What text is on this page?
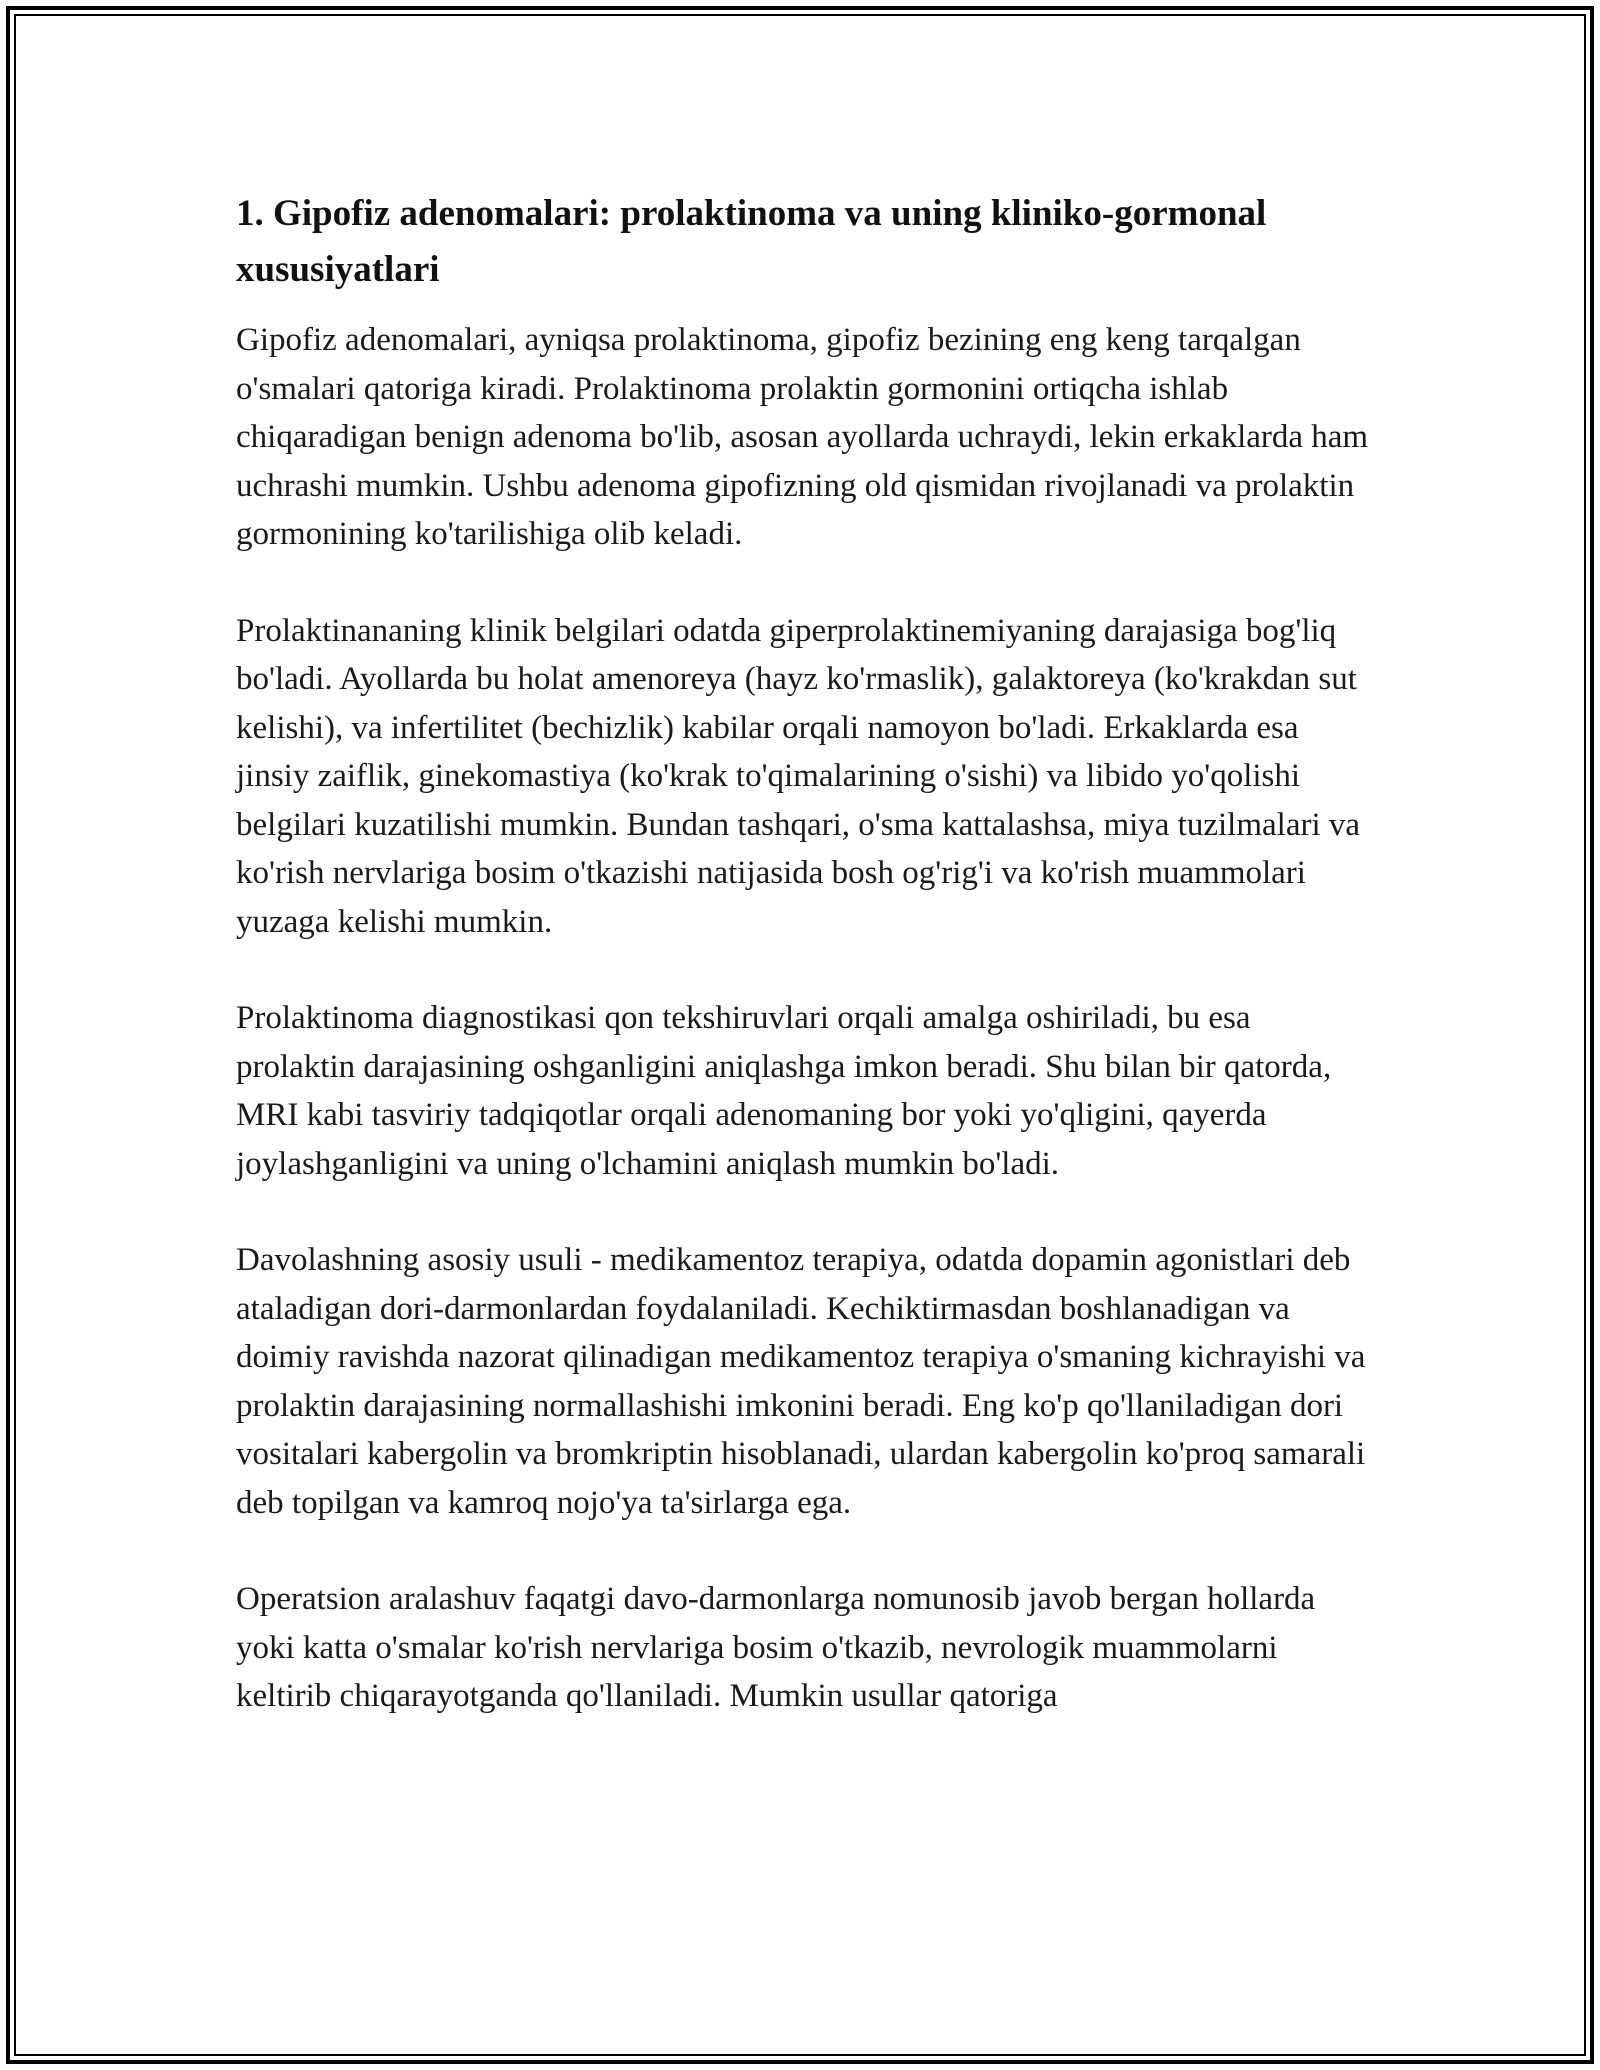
1. Gipofiz adenomalari: prolaktinoma va uning kliniko-gormonal xususiyatlari

Gipofiz adenomalari, ayniqsa prolaktinoma, gipofiz bezining eng keng tarqalgan o'smalari qatoriga kiradi. Prolaktinoma prolaktin gormonini ortiqcha ishlab chiqaradigan benign adenoma bo'lib, asosan ayollarda uchraydi, lekin erkaklarda ham uchrashi mumkin. Ushbu adenoma gipofizning old qismidan rivojlanadi va prolaktin gormonining ko'tarilishiga olib keladi.

Prolaktinananing klinik belgilari odatda giperprolaktinemiyaning darajasiga bog'liq bo'ladi. Ayollarda bu holat amenoreya (hayz ko'rmaslik), galaktoreya (ko'krakdan sut kelishi), va infertilitet (bechizlik) kabilar orqali namoyon bo'ladi. Erkaklarda esa jinsiy zaiflik, ginekomastiya (ko'krak to'qimalarining o'sishi) va libido yo'qolishi belgilari kuzatilishi mumkin. Bundan tashqari, o'sma kattalashsa, miya tuzilmalari va ko'rish nervlariga bosim o'tkazishi natijasida bosh og'rig'i va ko'rish muammolari yuzaga kelishi mumkin.

Prolaktinoma diagnostikasi qon tekshiruvlari orqali amalga oshiriladi, bu esa prolaktin darajasining oshganligini aniqlashga imkon beradi. Shu bilan bir qatorda, MRI kabi tasviriy tadqiqotlar orqali adenomaning bor yoki yo'qligini, qayerda joylashganligini va uning o'lchamini aniqlash mumkin bo'ladi.

Davolashning asosiy usuli - medikamentoz terapiya, odatda dopamin agonistlari deb ataladigan dori-darmonlardan foydalaniladi. Kechiktirmasdan boshlanadigan va doimiy ravishda nazorat qilinadigan medikamentoz terapiya o'smaning kichrayishi va prolaktin darajasining normallashishi imkonini beradi. Eng ko'p qo'llaniladigan dori vositalari kabergolin va bromkriptin hisoblanadi, ulardan kabergolin ko'proq samarali deb topilgan va kamroq nojo'ya ta'sirlarga ega.

Operatsion aralashuv faqatgi davo-darmonlarga nomunosib javob bergan hollarda yoki katta o'smalar ko'rish nervlariga bosim o'tkazib, nevrologik muammolarni keltirib chiqarayotganda qo'llaniladi. Mumkin usullar qatoriga
